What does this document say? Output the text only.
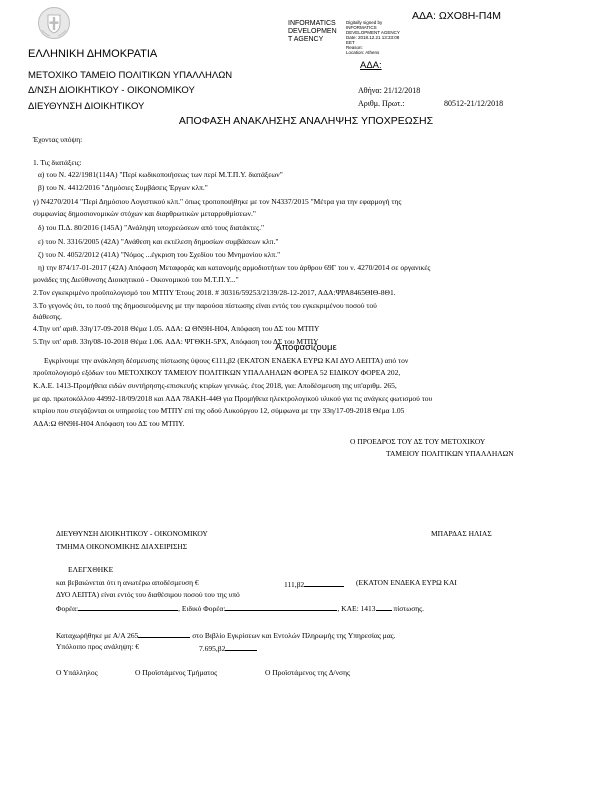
ΑΔΑ: ΩΧΟ8Η-Π4Μ
INFORMATICS
DEVELOPMEN
T AGENCY
Digitally signed by
INFORMATICS
DEVELOPMENT AGENCY
Date: 2018.12.21 13:33:08
EET
Reason:
Location: Athens
ΕΛΛΗΝΙΚΗ ΔΗΜΟΚΡΑΤΙΑ
ΑΔΑ:
ΜΕΤΟΧΙΚΟ ΤΑΜΕΙΟ ΠΟΛΙΤΙΚΩΝ ΥΠΑΛΛΗΛΩΝ
Δ/ΝΣΗ ΔΙΟΙΚΗΤΙΚΟΥ - ΟΙΚΟΝΟΜΙΚΟΥ
ΔΙΕΥΘΥΝΣΗ ΔΙΟΙΚΗΤΙΚΟΥ
Αθήνα: 21/12/2018
Αριθμ. Πρωτ.:	80512-21/12/2018
ΑΠΟΦΑΣΗ ΑΝΑΚΛΗΣΗΣ ΑΝΑΛΗΨΗΣ ΥΠΟΧΡΕΩΣΗΣ
Έχοντας υπόψη:
1. Τις διατάξεις:
α) του Ν. 422/1981(114Α) "Περί κωδικοποιήσεως των περί Μ.Τ.Π.Υ. διατάξεων"
β) του Ν. 4412/2016 "Δημόσιες Συμβάσεις Έργων κλπ."
γ) Ν4270/2014 "Περί Δημόσιου Λογιστικού κλπ." όπως τροποποιήθηκε με τον Ν4337/2015 "Μέτρα για την εφαρμογή της
συμφωνίας δημοσιονομικών στόχων και διαρθρωτικών μεταρρυθμίσεων."
δ) του Π.Δ. 80/2016 (145Α) "Ανάληψη υποχρεώσεων από τους διατάκτες."
ε) του Ν. 3316/2005 (42Α) "Ανάθεση και εκτέλεση δημοσίων συμβάσεων κλπ."
ζ) του Ν. 4052/2012 (41Α) "Νόμος ...έγκριση του Σχεδίου του Μνημονίου κλπ."
η) την 874/17-01-2017 (42Α) Απόφαση Μεταφοράς και κατανομής αρμοδιοτήτων του άρθρου 69Γ του ν. 4270/2014 σε οργανικές
μονάδες της Διεύθυνσης Διοικητικού - Οικονομικού του Μ.Τ.Π.Υ..."
2.Τον εγκεκριμένο προϋπολογισμό του ΜΤΠΥ Έτους 2018. # 30316/59253/2139/28-12-2017, ΑΔΑ:ΨΡΑ8465ΘΙΘ-8Θ1.
3.Το γεγονός ότι, το ποσό της δημοσιευόμενης με την παρούσα πίστωσης είναι εντός του εγκεκριμένου ποσού τού
διάθεσης.
4.Την υπ' αριθ. 33η/17-09-2018 Θέμα 1.05. ΑΔΑ: Ω ΘΝ9Η-Η04, Απόφαση του ΔΣ του ΜΤΠΥ
5.Την υπ' αριθ. 33η/08-10-2018 Θέμα 1.06. ΑΔΑ: ΨΓΘΚΗ-5ΡΧ, Απόφαση του ΔΣ του ΜΤΠΥ
Αποφασίζουμε
Εγκρίνουμε την ανάκληση δέσμευσης πίστωσης ύψους €111,β2 (ΕΚΑΤΟΝ ΕΝΔΕΚΑ ΕΥΡΩ ΚΑΙ ΔΥΟ ΛΕΠΤΑ) από τον
προϋπολογισμό εξόδων του ΜΕΤΟΧΙΚΟΥ ΤΑΜΕΙΟΥ ΠΟΛΙΤΙΚΩΝ ΥΠΑΛΛΗΛΩΝ ΦΟΡΕΑ 52 ΕΙΔΙΚΟΥ ΦΟΡΕΑ 202,
Κ.Α.Ε. 1413-Προμήθεια ειδών συντήρησης-επισκευής κτιρίων γενικώς. έτος 2018, για: Αποδέσμευση της υπ'αριθμ. 265,
με αρ. πρωτοκόλλου 44992-18/09/2018 και ΑΔΑ 78ΑΚΗ-44Θ για Προμήθεια ηλεκτρολογικού υλικού για τις ανάγκες φωτισμού του
κτιρίου που στεγάζονται οι υπηρεσίες του ΜΤΠΥ επί της οδού Λυκούργου 12, σύμφωνα με την 33η/17-09-2018 Θέμα 1.05
ΑΔΑ:Ω ΘΝ9Η-Η04 Απόφαση του ΔΣ του ΜΤΠΥ.
Ο ΠΡΟΕΔΡΟΣ ΤΟΥ ΔΣ ΤΟΥ ΜΕΤΟΧΙΚΟΥ
ΤΑΜΕΙΟΥ ΠΟΛΙΤΙΚΩΝ ΥΠΑΛΛΗΛΩΝ
ΔΙΕΥΘΥΝΣΗ ΔΙΟΙΚΗΤΙΚΟΥ - ΟΙΚΟΝΟΜΙΚΟΥ
ΤΜΗΜΑ ΟΙΚΟΝΟΜΙΚΗΣ ΔΙΑΧΕΙΡΙΣΗΣ
ΜΠΑΡΔΑΣ ΗΛΙΑΣ
ΕΛΕΓΧΘΗΚΕ
και βεβαιώνεται ότι η ανωτέρω αποδέσμευση €	111,β2	(ΕΚΑΤΟΝ ΕΝΔΕΚΑ ΕΥΡΩ ΚΑΙ
ΔΥΟ ΛΕΠΤΑ) είναι εντός του διαθέσιμου ποσού του της υπό
Φορέα:	, Ειδικό Φορέα:	, ΚΑΕ: 1413 πίστωσης.
Καταχωρήθηκε με Α/Α 265	στο Βιβλίο Εγκρίσεων και Εντολών Πληρωμής της Υπηρεσίας μας.
Υπόλοιπο προς ανάληψη: €	7.695,β2
Ο Υπάλληλος	Ο Προϊστάμενος Τμήματος	Ο Προϊστάμενος της Δ/νσης
